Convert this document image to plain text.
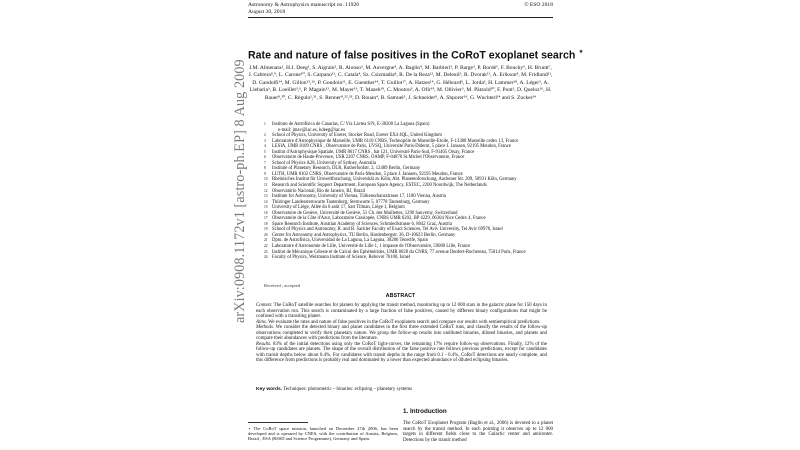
Astronomy & Astrophysics manuscript no. 11926
August 30, 2018
© ESO 2018
Rate and nature of false positives in the CoRoT exoplanet search ⋆
J.M. Almenara¹, H.J. Deeg¹, S. Aigrain², R. Alonso³, M. Auvergne⁴, A. Baglin⁴, M. Barbieri³, P. Barge³, P. Bordé⁵, F. Bouchy⁶, H. Bruntt⁷, J. Cabrera⁸,⁹, L. Carone¹⁰, S. Carpano¹¹, C. Catala⁴, Sz. Csizmadia⁸, R. De la Reza¹², M. Deleuil³, R. Dvorak¹³, A. Erikson⁸, M. Fridlund¹¹, D. Gandolfi¹⁴, M. Gillon¹⁵,¹⁶, P. Gondoin¹¹, E. Guenther¹⁴, T. Guillot¹⁷, A. Hatzes¹⁴, G. Hébrard⁶, L. Jorda³, H. Lammer¹⁸, A. Léger⁵, A. Llebaria³, B. Loeillet³,⁶, P. Magain¹⁵, M. Mayer¹³, T. Mazeh¹⁹, C. Moutou³, A. Ofir¹⁹, M. Ollivier⁵, M. Pätzold¹⁰, F. Pont², D. Queloz¹⁶, H. Rauer⁸,²⁰, C. Régulo¹,²¹, S. Renner⁸,²²,²³, D. Rouan⁴, B. Samuel⁵, J. Schneider⁹, A. Shporer¹⁹, G. Wuchterl¹⁴ and S. Zucker²⁴
1 Instituto de Astrofísica de Canarias, C/ Vía Láctea S/N, E-38200 La Laguna (Spain)
e-mail: jmav@iac.es, hdeeg@iac.es
2 School of Physics, University of Exeter, Stocker Road, Exeter EX4 4QL, United Kingdom
3 Laboratoire d'Astrophysique de Marseille, UMR 6110 CNRS, Technopôle de Marseille-Etoile, F-13388 Marseille cedex 13, France
4 LESIA, UMR 8109 CNRS , Observatoire de Paris, UVSQ, Université Paris-Diderot, 5 place J. Janssen, 92195 Meudon, France
5 Institut d'Astrophysique Spatiale, UMR 8617 CNRS , bat 121, Université Paris-Sud, F-91405 Orsay, France
6 Observatoire de Haute-Provence, USR 2207 CNRS, OAMP, F-04870 St.Michel l'Observatoire, France
7 School of Physics A28, University of Sydney, Australia
8 Institute of Planetary Research, DLR, Rutherfordstr. 2, 12489 Berlin, Germany
9 LUTH, UMR 8102 CNRS, Observatoire de Paris-Meudon, 5 place J. Janssen, 92195 Meudon, France
10 Rheinisches Institut für Umweltforschung, Universität zu Köln, Abt. Planetenforschung, Aachener Str. 209, 50931 Köln, Germany
11 Research and Scientific Support Department, European Space Agency, ESTEC, 2200 Noordwijk, The Netherlands
12 Observatório Nacional, Rio de Janeiro, RJ, Brazil
13 Institute for Astronomy, University of Vienna, Türkenschanzstrasse 17, 1180 Vienna, Austria
14 Thüringer Landessternwarte Tautenburg, Sternwarte 5, 07778 Tautenburg, Germany
15 University of Liège, Allée du 6 août 17, Sart Tilman, Liège 1, Belgium
16 Observatoire de Genève, Université de Genève, 51 Ch. des Maillettes, 1290 Sauverny, Switzerland
17 Observatoire de la Côte d'Azur, Laboratoire Cassiopée, CNRS UMR 6202, BP 4229, 06304 Nice Cedex 4, France
18 Space Research Institute, Austrian Academy of Sciences, Schmiedlstrasse 6, 8042 Graz, Austria
19 School of Physics and Astronomy, R. and B. Sackler Faculty of Exact Sciences, Tel Aviv University, Tel Aviv 69978, Israel
20 Center for Astronomy and Astrophysics, TU Berlin, Hardenbergstr. 36, D-10623 Berlin, Germany
21 Dpto. de Astrofísica, Universidad de La Laguna, La Laguna, 38206 Tenerife, Spain
22 Laboratoire d'Astronomie de Lille, Université de Lille 1, 1 impasse de l'Observatoire, 59000 Lille, France
23 Institut de Mécanique Céleste et de Calcul des Ephémérides, UMR 8028 du CNRS, 77 avenue Denfert-Rochereau, 75014 Paris, France
24 Faculty of Physics, Weizmann Institute of Science, Rehovot 76100, Israel
Received ; accepted
ABSTRACT

Context. The CoRoT satellite searches for planets by applying the transit method, monitoring up to 12 000 stars in the galactic plane for 150 days in each observation run. This search is contaminated by a large fraction of false positives, caused by different binary configurations that might be confused with a transiting planet.

Aims. We evaluate the rates and nature of false positives in the CoRoT exoplanets search and compare our results with semiempirical predictions.

Methods. We consider the detected binary and planet candidates in the first three extended CoRoT runs, and classify the results of the follow-up observations completed to verify their planetary nature. We group the follow-up results into undiluted binaries, diluted binaries, and planets and compare their abundances with predictions from the literature.

Results. 83% of the initial detections using only the CoRoT light-curves, the remaining 17% require follow-up observations. Finally, 12% of the follow-up candidates are planets. The shape of the overall distribution of the false positive rate follows previous predictions, except for candidates with transit depths below about 0.4%. For candidates with transit depths in the range from 0.1 - 0.4%, CoRoT detections are nearly complete, and this difference from predictions is probably real and dominated by a lower than expected abundance of diluted eclipsing binaries.

Key words. Techniques: photometric – binaries: eclipsing – planetary systems
⋆ The CoRoT space mission, launched on December 27th 2006, has been developed and is operated by CNES, with the contribution of Austria, Belgium, Brazil , ESA (RSSD and Science Programme), Germany and Spain.
1. Introduction
The CoRoT Exoplanet Program (Baglin et al., 2006) is devoted to a planet search by the transit method. In each pointing it observes up to 12 000 targets in different fields close to the Galactic center and anticenter. Detections by the transit method
arXiv:0908.1172v1 [astro-ph.EP] 8 Aug 2009
